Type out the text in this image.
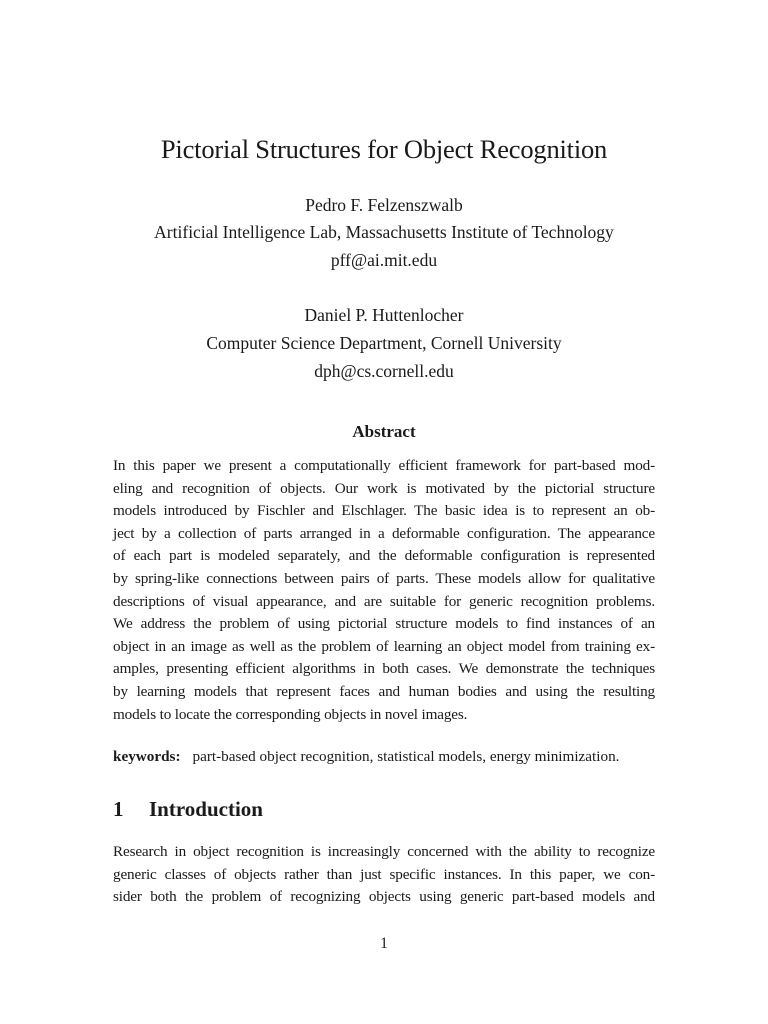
Pictorial Structures for Object Recognition
Pedro F. Felzenszwalb
Artificial Intelligence Lab, Massachusetts Institute of Technology
pff@ai.mit.edu
Daniel P. Huttenlocher
Computer Science Department, Cornell University
dph@cs.cornell.edu
Abstract
In this paper we present a computationally efficient framework for part-based mod-
eling and recognition of objects. Our work is motivated by the pictorial structure
models introduced by Fischler and Elschlager. The basic idea is to represent an ob-
ject by a collection of parts arranged in a deformable configuration. The appearance
of each part is modeled separately, and the deformable configuration is represented
by spring-like connections between pairs of parts. These models allow for qualitative
descriptions of visual appearance, and are suitable for generic recognition problems.
We address the problem of using pictorial structure models to find instances of an
object in an image as well as the problem of learning an object model from training ex-
amples, presenting efficient algorithms in both cases. We demonstrate the techniques
by learning models that represent faces and human bodies and using the resulting
models to locate the corresponding objects in novel images.
keywords: part-based object recognition, statistical models, energy minimization.
1 Introduction
Research in object recognition is increasingly concerned with the ability to recognize
generic classes of objects rather than just specific instances. In this paper, we con-
sider both the problem of recognizing objects using generic part-based models and
1
